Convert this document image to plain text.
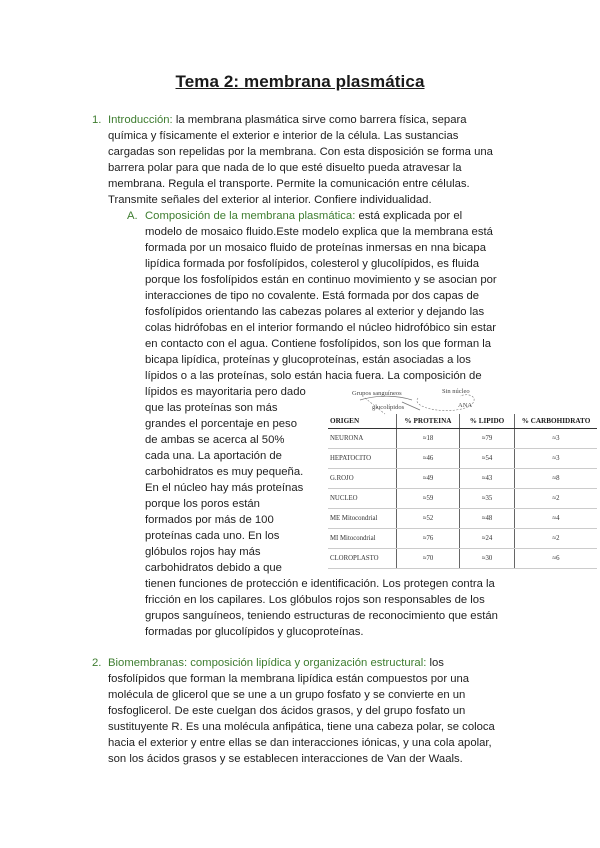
Tema 2: membrana plasmática
1. Introducción: la membrana plasmática sirve como barrera física, separa
química y físicamente el exterior e interior de la célula. Las sustancias
cargadas son repelidas por la membrana. Con esta disposición se forma una
barrera polar para que nada de lo que esté disuelto pueda atravesar la
membrana. Regula el transporte. Permite la comunicación entre células.
Transmite señales del exterior al interior. Confiere individualidad.
A. Composición de la membrana plasmática: está explicada por el
modelo de mosaico fluido.Este modelo explica que la membrana está
formada por un mosaico fluido de proteínas inmersas en nna bicapa
lipídica formada por fosfolípidos, colesterol y glucolípidos, es fluida
porque los fosfolípidos están en continuo movimiento y se asocian por
interacciones de tipo no covalente. Está formada por dos capas de
fosfolípidos orientando las cabezas polares al exterior y dejando las
colas hidrófobas en el interior formando el núcleo hidrofóbico sin estar
en contacto con el agua. Contiene fosfolípidos, son los que forman la
bicapa lipídica, proteínas y glucoproteínas, están asociadas a los
lípidos o a las proteínas, solo están hacia fuera. La composición de
lípidos es mayoritaria pero dado
que las proteínas son más
grandes el porcentaje en peso
de ambas se acerca al 50%
cada una. La aportación de
carbohidratos es muy pequeña.
En el núcleo hay más proteínas
porque los poros están
formados por más de 100
proteínas cada uno. En los
glóbulos rojos hay más
carbohidratos debido a que
tienen funciones de protección e identificación. Los protegen contra la
fricción en los capilares. Los glóbulos rojos son responsables de los
grupos sanguíneos, teniendo estructuras de reconocimiento que están
formadas por glucolípidos y glucoproteínas.
Grupos sanguíneos
glucolípidos
Sin núcleo
ANA
ORIGEN	% PROTEINA	% LIPIDO	% CARBOHIDRATO
NEURONA	≈18	≈79	≈3
HEPATOCITO	≈46	≈54	≈3
G.ROJO	≈49	≈43	≈8
NUCLEO	≈59	≈35	≈2
ME Mitocondrial	≈52	≈48	≈4
MI Mitocondrial	≈76	≈24	≈2
CLOROPLASTO	≈70	≈30	≈6
2. Biomembranas: composición lipídica y organización estructural: los
fosfolípidos que forman la membrana lipídica están compuestos por una
molécula de glicerol que se une a un grupo fosfato y se convierte en un
fosfoglicerol. De este cuelgan dos ácidos grasos, y del grupo fosfato un
sustituyente R. Es una molécula anfipática, tiene una cabeza polar, se coloca
hacia el exterior y entre ellas se dan interacciones iónicas, y una cola apolar,
son los ácidos grasos y se establecen interacciones de Van der Waals.
